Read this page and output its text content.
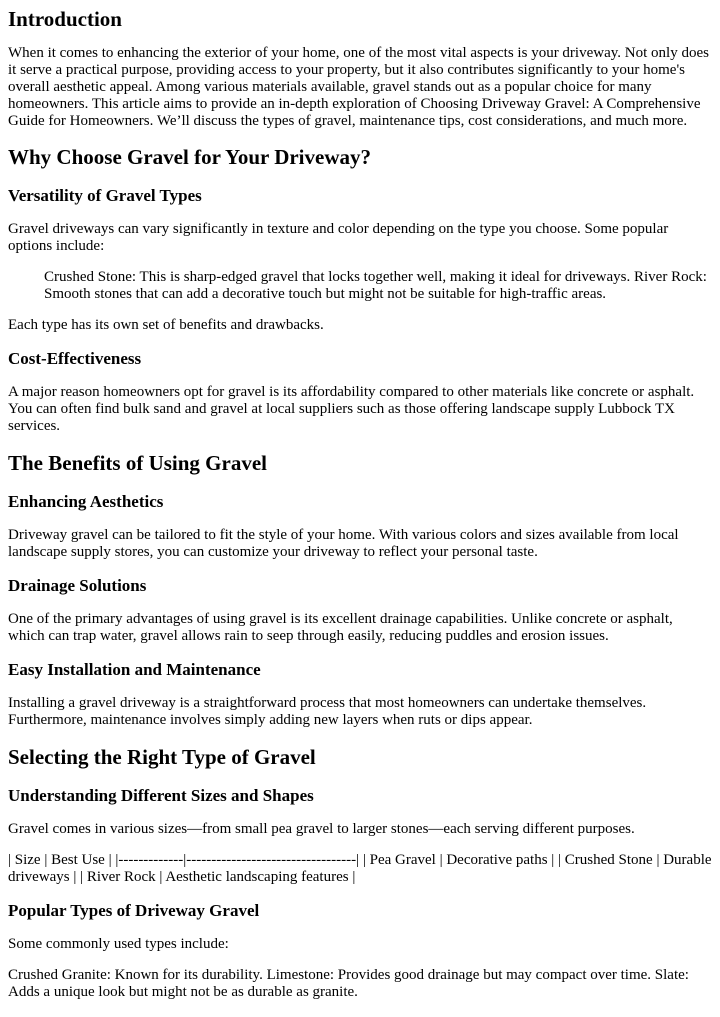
Introduction

When it comes to enhancing the exterior of your home, one of the most vital aspects is your driveway. Not only does it serve a practical purpose, providing access to your property, but it also contributes significantly to your home's overall aesthetic appeal. Among various materials available, gravel stands out as a popular choice for many homeowners. This article aims to provide an in-depth exploration of Choosing Driveway Gravel: A Comprehensive Guide for Homeowners. We’ll discuss the types of gravel, maintenance tips, cost considerations, and much more.

Why Choose Gravel for Your Driveway?
Versatility of Gravel Types

Gravel driveways can vary significantly in texture and color depending on the type you choose. Some popular options include:

Crushed Stone: This is sharp-edged gravel that locks together well, making it ideal for driveways. River Rock: Smooth stones that can add a decorative touch but might not be suitable for high-traffic areas.

Each type has its own set of benefits and drawbacks.

Cost-Effectiveness

A major reason homeowners opt for gravel is its affordability compared to other materials like concrete or asphalt. You can often find bulk sand and gravel at local suppliers such as those offering landscape supply Lubbock TX services.

The Benefits of Using Gravel
Enhancing Aesthetics

Driveway gravel can be tailored to fit the style of your home. With various colors and sizes available from local landscape supply stores, you can customize your driveway to reflect your personal taste.

Drainage Solutions

One of the primary advantages of using gravel is its excellent drainage capabilities. Unlike concrete or asphalt, which can trap water, gravel allows rain to seep through easily, reducing puddles and erosion issues.

Easy Installation and Maintenance

Installing a gravel driveway is a straightforward process that most homeowners can undertake themselves. Furthermore, maintenance involves simply adding new layers when ruts or dips appear.

Selecting the Right Type of Gravel
Understanding Different Sizes and Shapes

Gravel comes in various sizes—from small pea gravel to larger stones—each serving different purposes.

| Size | Best Use | |-------------|----------------------------------| | Pea Gravel | Decorative paths | | Crushed Stone | Durable driveways | | River Rock | Aesthetic landscaping features |

Popular Types of Driveway Gravel

Some commonly used types include:

Crushed Granite: Known for its durability. Limestone: Provides good drainage but may compact over time. Slate: Adds a unique look but might not be as durable as granite.
